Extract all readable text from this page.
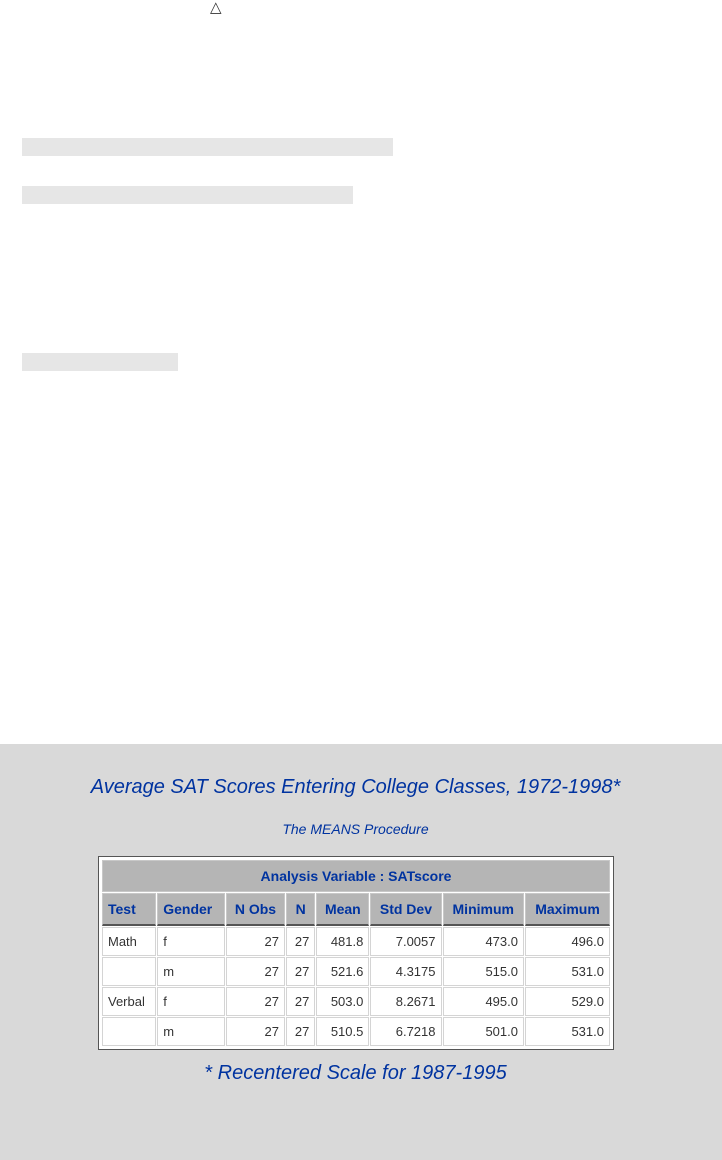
△
Average SAT Scores Entering College Classes, 1972-1998*
The MEANS Procedure
Analysis Variable : SATscore							
Test	Gender	N Obs	N	Mean	Std Dev	Minimum	Maximum
Math	f	27	27	481.8	7.0057	473.0	496.0
	m	27	27	521.6	4.3175	515.0	531.0
Verbal	f	27	27	503.0	8.2671	495.0	529.0
	m	27	27	510.5	6.7218	501.0	531.0
* Recentered Scale for 1987-1995
